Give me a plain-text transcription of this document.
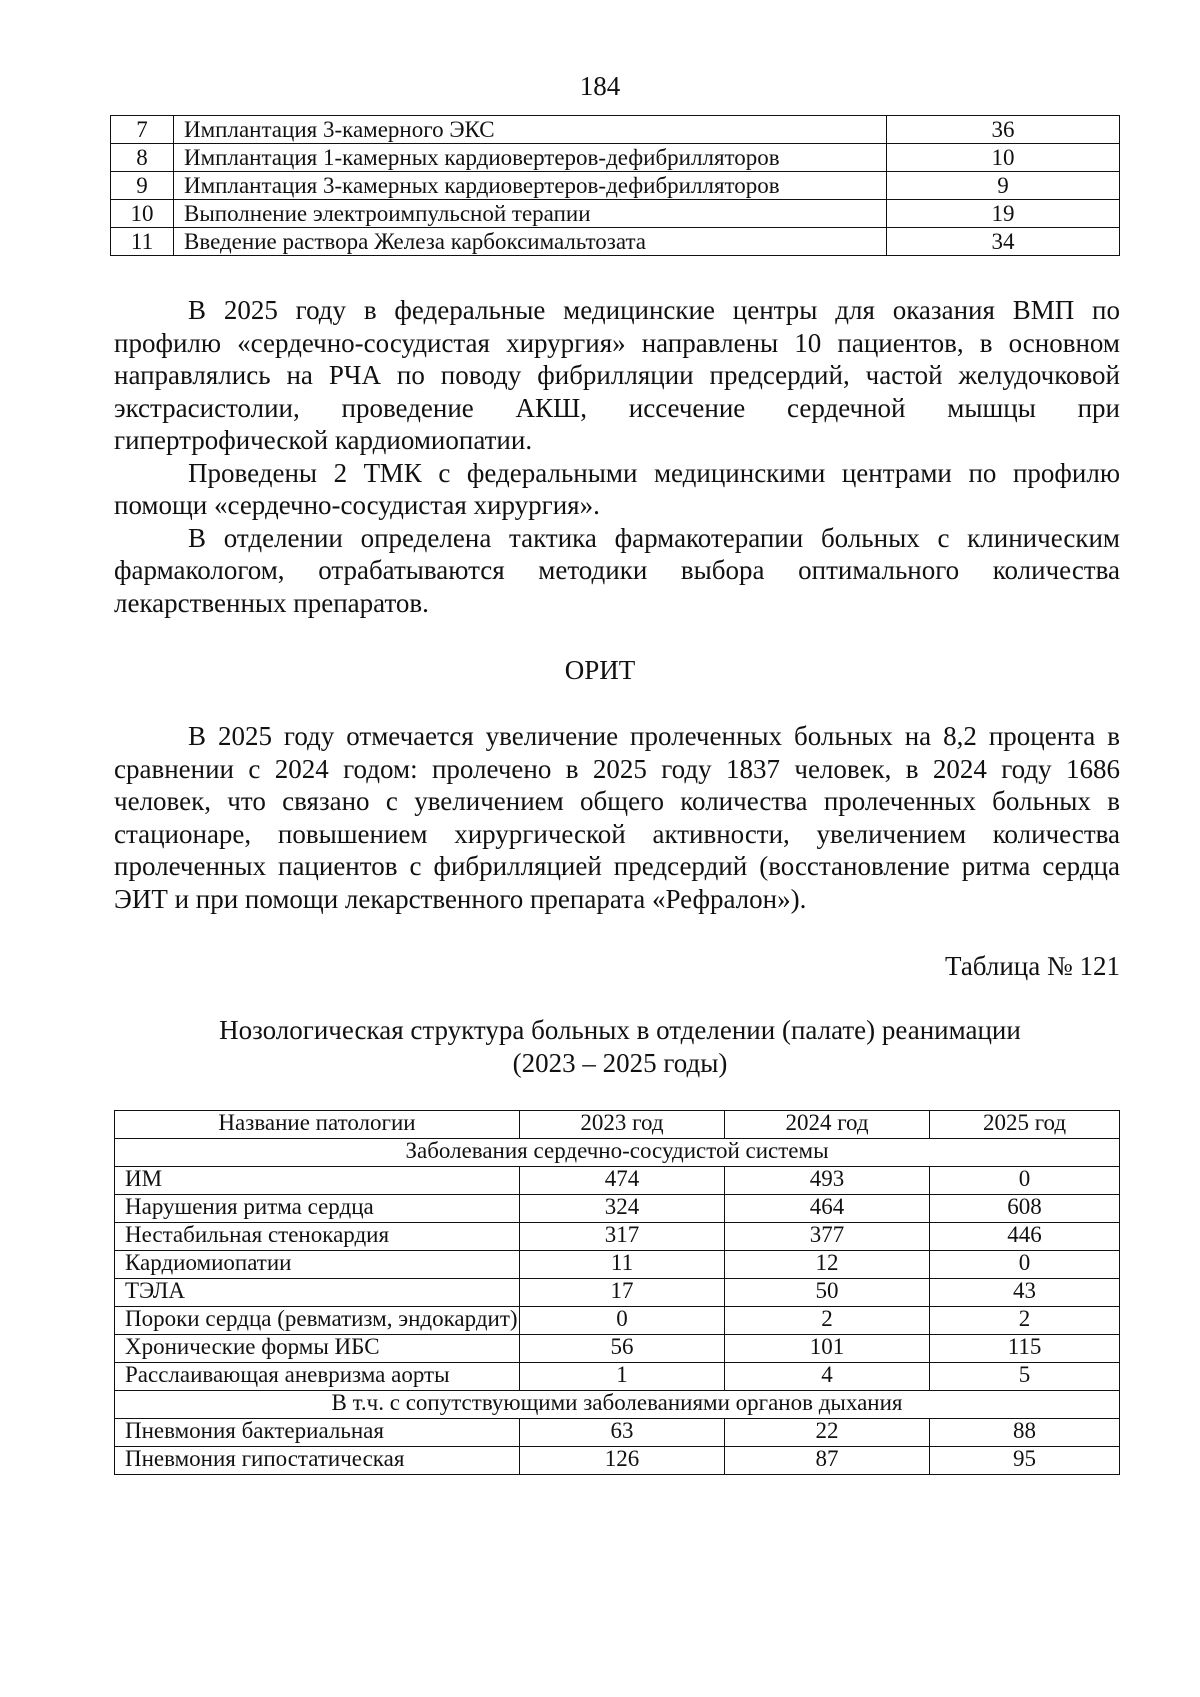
184
7	Имплантация 3-камерного ЭКС	36
8	Имплантация 1-камерных кардиовертеров-дефибрилляторов	10
9	Имплантация 3-камерных кардиовертеров-дефибрилляторов	9
10	Выполнение электроимпульсной терапии	19
11	Введение раствора Железа карбоксимальтозата	34

В 2025 году в федеральные медицинские центры для оказания ВМП по профилю «сердечно-сосудистая хирургия» направлены 10 пациентов, в основном направлялись на РЧА по поводу фибрилляции предсердий, частой желудочковой экстрасистолии, проведение АКШ, иссечение сердечной мышцы при гипертрофической кардиомиопатии.

Проведены 2 ТМК с федеральными медицинскими центрами по профилю помощи «сердечно-сосудистая хирургия».

В отделении определена тактика фармакотерапии больных с клиническим фармакологом, отрабатываются методики выбора оптимального количества лекарственных препаратов.

ОРИТ

В 2025 году отмечается увеличение пролеченных больных на 8,2 процента в сравнении с 2024 годом: пролечено в 2025 году 1837 человек, в 2024 году 1686 человек, что связано с увеличением общего количества пролеченных больных в стационаре, повышением хирургической активности, увеличением количества пролеченных пациентов с фибрилляцией предсердий (восстановление ритма сердца ЭИТ и при помощи лекарственного препарата «Рефралон»).

Таблица № 121
Нозологическая структура больных в отделении (палате) реанимации
(2023 – 2025 годы)
Название патологии	2023 год	2024 год	2025 год
Заболевания сердечно-сосудистой системы			
ИМ	474	493	0
Нарушения ритма сердца	324	464	608
Нестабильная стенокардия	317	377	446
Кардиомиопатии	11	12	0
ТЭЛА	17	50	43
Пороки сердца (ревматизм, эндокардит)	0	2	2
Хронические формы ИБС	56	101	115
Расслаивающая аневризма аорты	1	4	5
В т.ч. с сопутствующими заболеваниями органов дыхания			
Пневмония бактериальная	63	22	88
Пневмония гипостатическая	126	87	95
